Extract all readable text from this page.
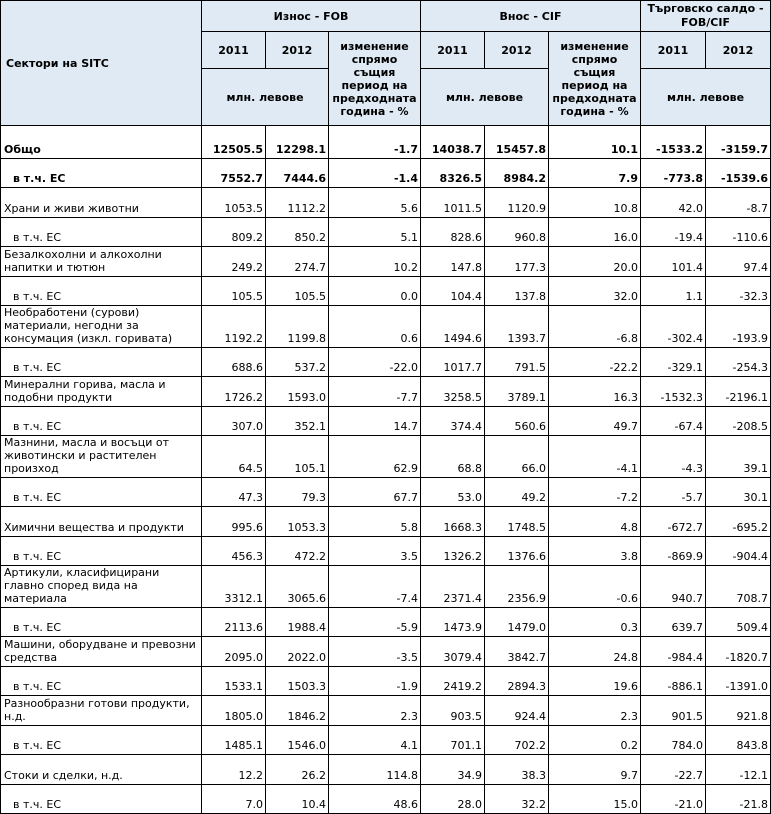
Сектори на SITC	Износ - FOB			Внос - CIF			Търговско салдо - FOB/CIF	
	2011	2012	изменение спрямо същия период на предходната година - %	2011	2012	изменение спрямо същия период на предходната година - %	2011	2012
	млн. левове			млн. левове			млн. левове	
Общо	12505.5	12298.1	-1.7	14038.7	15457.8	10.1	-1533.2	-3159.7
в т.ч. ЕС	7552.7	7444.6	-1.4	8326.5	8984.2	7.9	-773.8	-1539.6
Храни и живи животни	1053.5	1112.2	5.6	1011.5	1120.9	10.8	42.0	-8.7
в т.ч. ЕС	809.2	850.2	5.1	828.6	960.8	16.0	-19.4	-110.6
Безалкохолни и алкохолни напитки и тютюн	249.2	274.7	10.2	147.8	177.3	20.0	101.4	97.4
в т.ч. ЕС	105.5	105.5	0.0	104.4	137.8	32.0	1.1	-32.3
Необработени (сурови) материали, негодни за консумация (изкл. горивата)	1192.2	1199.8	0.6	1494.6	1393.7	-6.8	-302.4	-193.9
в т.ч. ЕС	688.6	537.2	-22.0	1017.7	791.5	-22.2	-329.1	-254.3
Минерални горива, масла и подобни продукти	1726.2	1593.0	-7.7	3258.5	3789.1	16.3	-1532.3	-2196.1
в т.ч. ЕС	307.0	352.1	14.7	374.4	560.6	49.7	-67.4	-208.5
Мазнини, масла и восъци от животински и растителен произход	64.5	105.1	62.9	68.8	66.0	-4.1	-4.3	39.1
в т.ч. ЕС	47.3	79.3	67.7	53.0	49.2	-7.2	-5.7	30.1
Химични вещества и продукти	995.6	1053.3	5.8	1668.3	1748.5	4.8	-672.7	-695.2
в т.ч. ЕС	456.3	472.2	3.5	1326.2	1376.6	3.8	-869.9	-904.4
Артикули, класифицирани главно според вида на материала	3312.1	3065.6	-7.4	2371.4	2356.9	-0.6	940.7	708.7
в т.ч. ЕС	2113.6	1988.4	-5.9	1473.9	1479.0	0.3	639.7	509.4
Машини, оборудване и превозни средства	2095.0	2022.0	-3.5	3079.4	3842.7	24.8	-984.4	-1820.7
в т.ч. ЕС	1533.1	1503.3	-1.9	2419.2	2894.3	19.6	-886.1	-1391.0
Разнообразни готови продукти, н.д.	1805.0	1846.2	2.3	903.5	924.4	2.3	901.5	921.8
в т.ч. ЕС	1485.1	1546.0	4.1	701.1	702.2	0.2	784.0	843.8
Стоки и сделки, н.д.	12.2	26.2	114.8	34.9	38.3	9.7	-22.7	-12.1
в т.ч. ЕС	7.0	10.4	48.6	28.0	32.2	15.0	-21.0	-21.8
